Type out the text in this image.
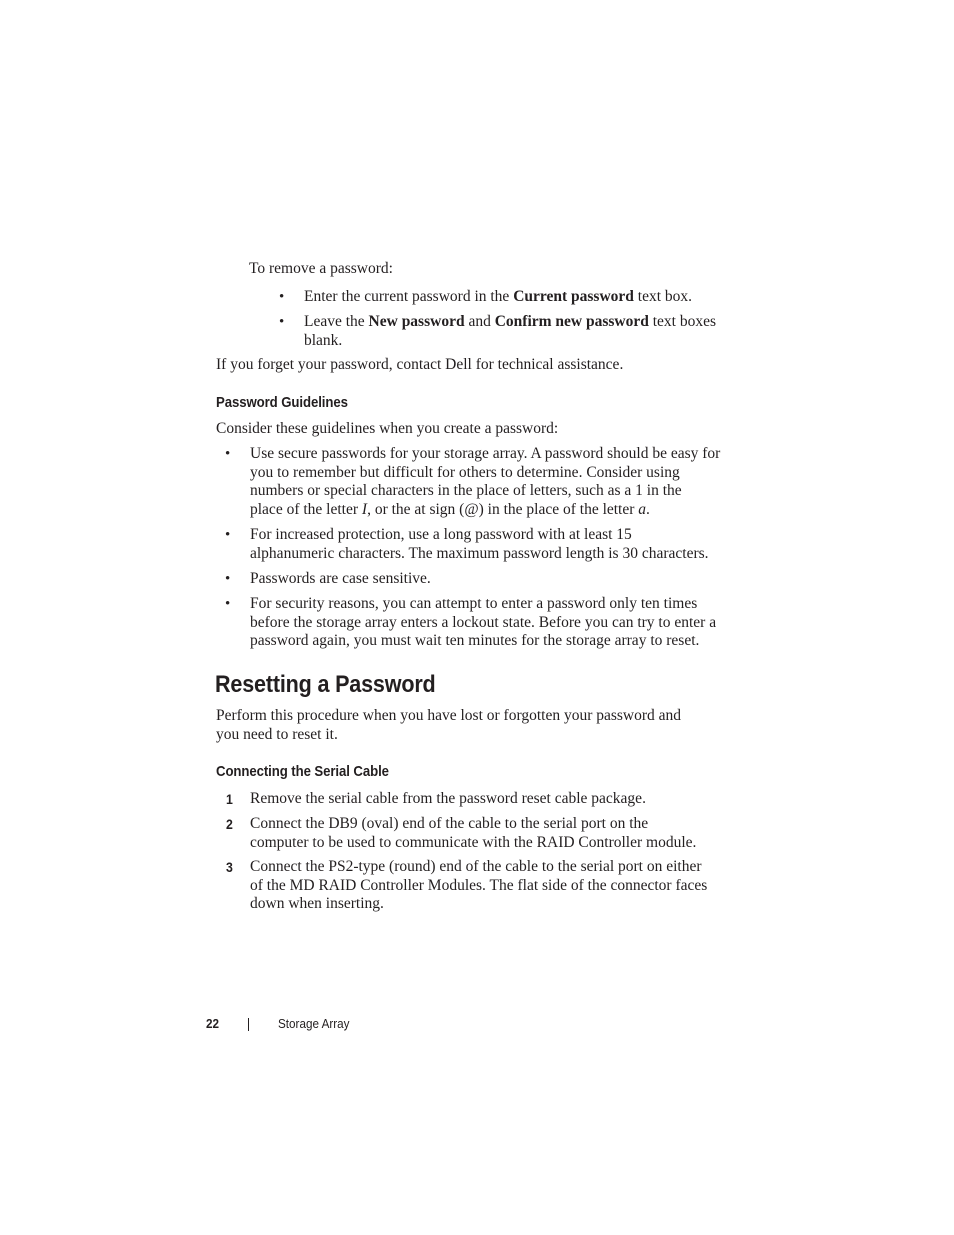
To remove a password:
• Enter the current password in the Current password text box.
• Leave the New password and Confirm new password text boxes
blank.
If you forget your password, contact Dell for technical assistance.
Password Guidelines
Consider these guidelines when you create a password:
• Use secure passwords for your storage array. A password should be easy for
you to remember but difficult for others to determine. Consider using
numbers or special characters in the place of letters, such as a 1 in the
place of the letter I, or the at sign (@) in the place of the letter a.
• For increased protection, use a long password with at least 15
alphanumeric characters. The maximum password length is 30 characters.
• Passwords are case sensitive.
• For security reasons, you can attempt to enter a password only ten times
before the storage array enters a lockout state. Before you can try to enter a
password again, you must wait ten minutes for the storage array to reset.
Resetting a Password
Perform this procedure when you have lost or forgotten your password and
you need to reset it.
Connecting the Serial Cable
1 Remove the serial cable from the password reset cable package.
2 Connect the DB9 (oval) end of the cable to the serial port on the
computer to be used to communicate with the RAID Controller module.
3 Connect the PS2-type (round) end of the cable to the serial port on either
of the MD RAID Controller Modules. The flat side of the connector faces
down when inserting.
22	Storage Array
